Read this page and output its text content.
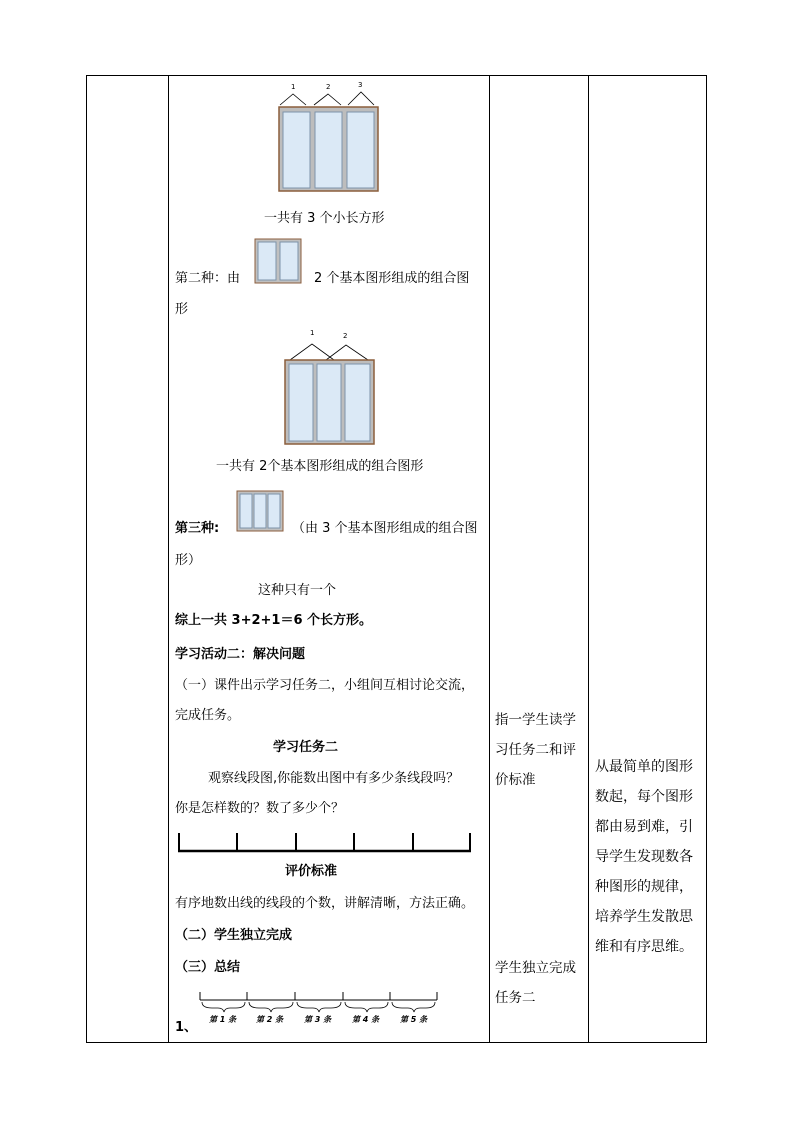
1	2	3
一共有 3 个小长方形
第二种：由	2 个基本图形组成的组合图
形
1	2
一共有 2个基本图形组成的组合图形
第三种:	（由 3 个基本图形组成的组合图
形）
这种只有一个
综上一共 3+2+1＝6 个长方形。
学习活动二：解决问题
（一）课件出示学习任务二，小组间互相讨论交流，
完成任务。
学习任务二
观察线段图,你能数出图中有多少条线段吗？
你是怎样数的？数了多少个？
评价标准
有序地数出线的线段的个数，讲解清晰，方法正确。
（二）学生独立完成
（三）总结
第 1 条 第 2 条	第 3 条	第 4 条	第 5 条
1、
指一学生读学
习任务二和评
价标准
学生独立完成
任务二
从最简单的图形
数起，每个图形
都由易到难，引
导学生发现数各
种图形的规律，
培养学生发散思
维和有序思维。
